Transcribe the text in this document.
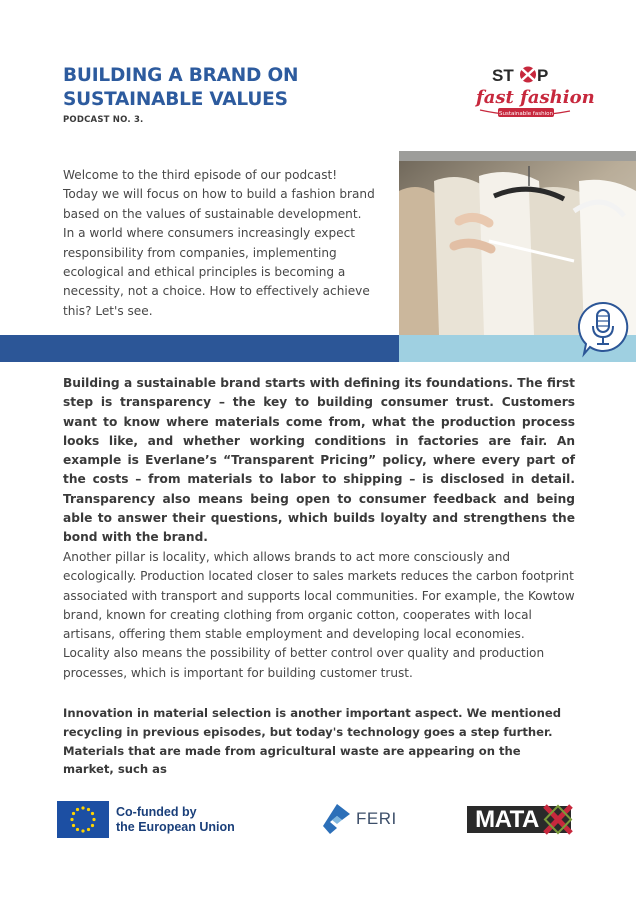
BUILDING A BRAND ON SUSTAINABLE VALUES
PODCAST NO. 3.
ST P
fast fashion
Sustainable fashion
Welcome to the third episode of our podcast! Today we will focus on how to build a fashion brand based on the values of sustainable development. In a world where consumers increasingly expect responsibility from companies, implementing ecological and ethical principles is becoming a necessity, not a choice. How to effectively achieve this? Let's see.
Building a sustainable brand starts with defining its foundations. The first step is transparency – the key to building consumer trust. Customers want to know where materials come from, what the production process looks like, and whether working conditions in factories are fair. An example is Everlane’s “Transparent Pricing” policy, where every part of the costs – from materials to labor to shipping – is disclosed in detail. Transparency also means being open to consumer feedback and being able to answer their questions, which builds loyalty and strengthens the bond with the brand.
Another pillar is locality, which allows brands to act more consciously and ecologically. Production located closer to sales markets reduces the carbon footprint associated with transport and supports local communities. For example, the Kowtow brand, known for creating clothing from organic cotton, cooperates with local artisans, offering them stable employment and developing local economies. Locality also means the possibility of better control over quality and production processes, which is important for building customer trust.
Innovation in material selection is another important aspect. We mentioned recycling in previous episodes, but today's technology goes a step further. Materials that are made from agricultural waste are appearing on the market, such as
Co-funded by
the European Union	FERI	MATA
